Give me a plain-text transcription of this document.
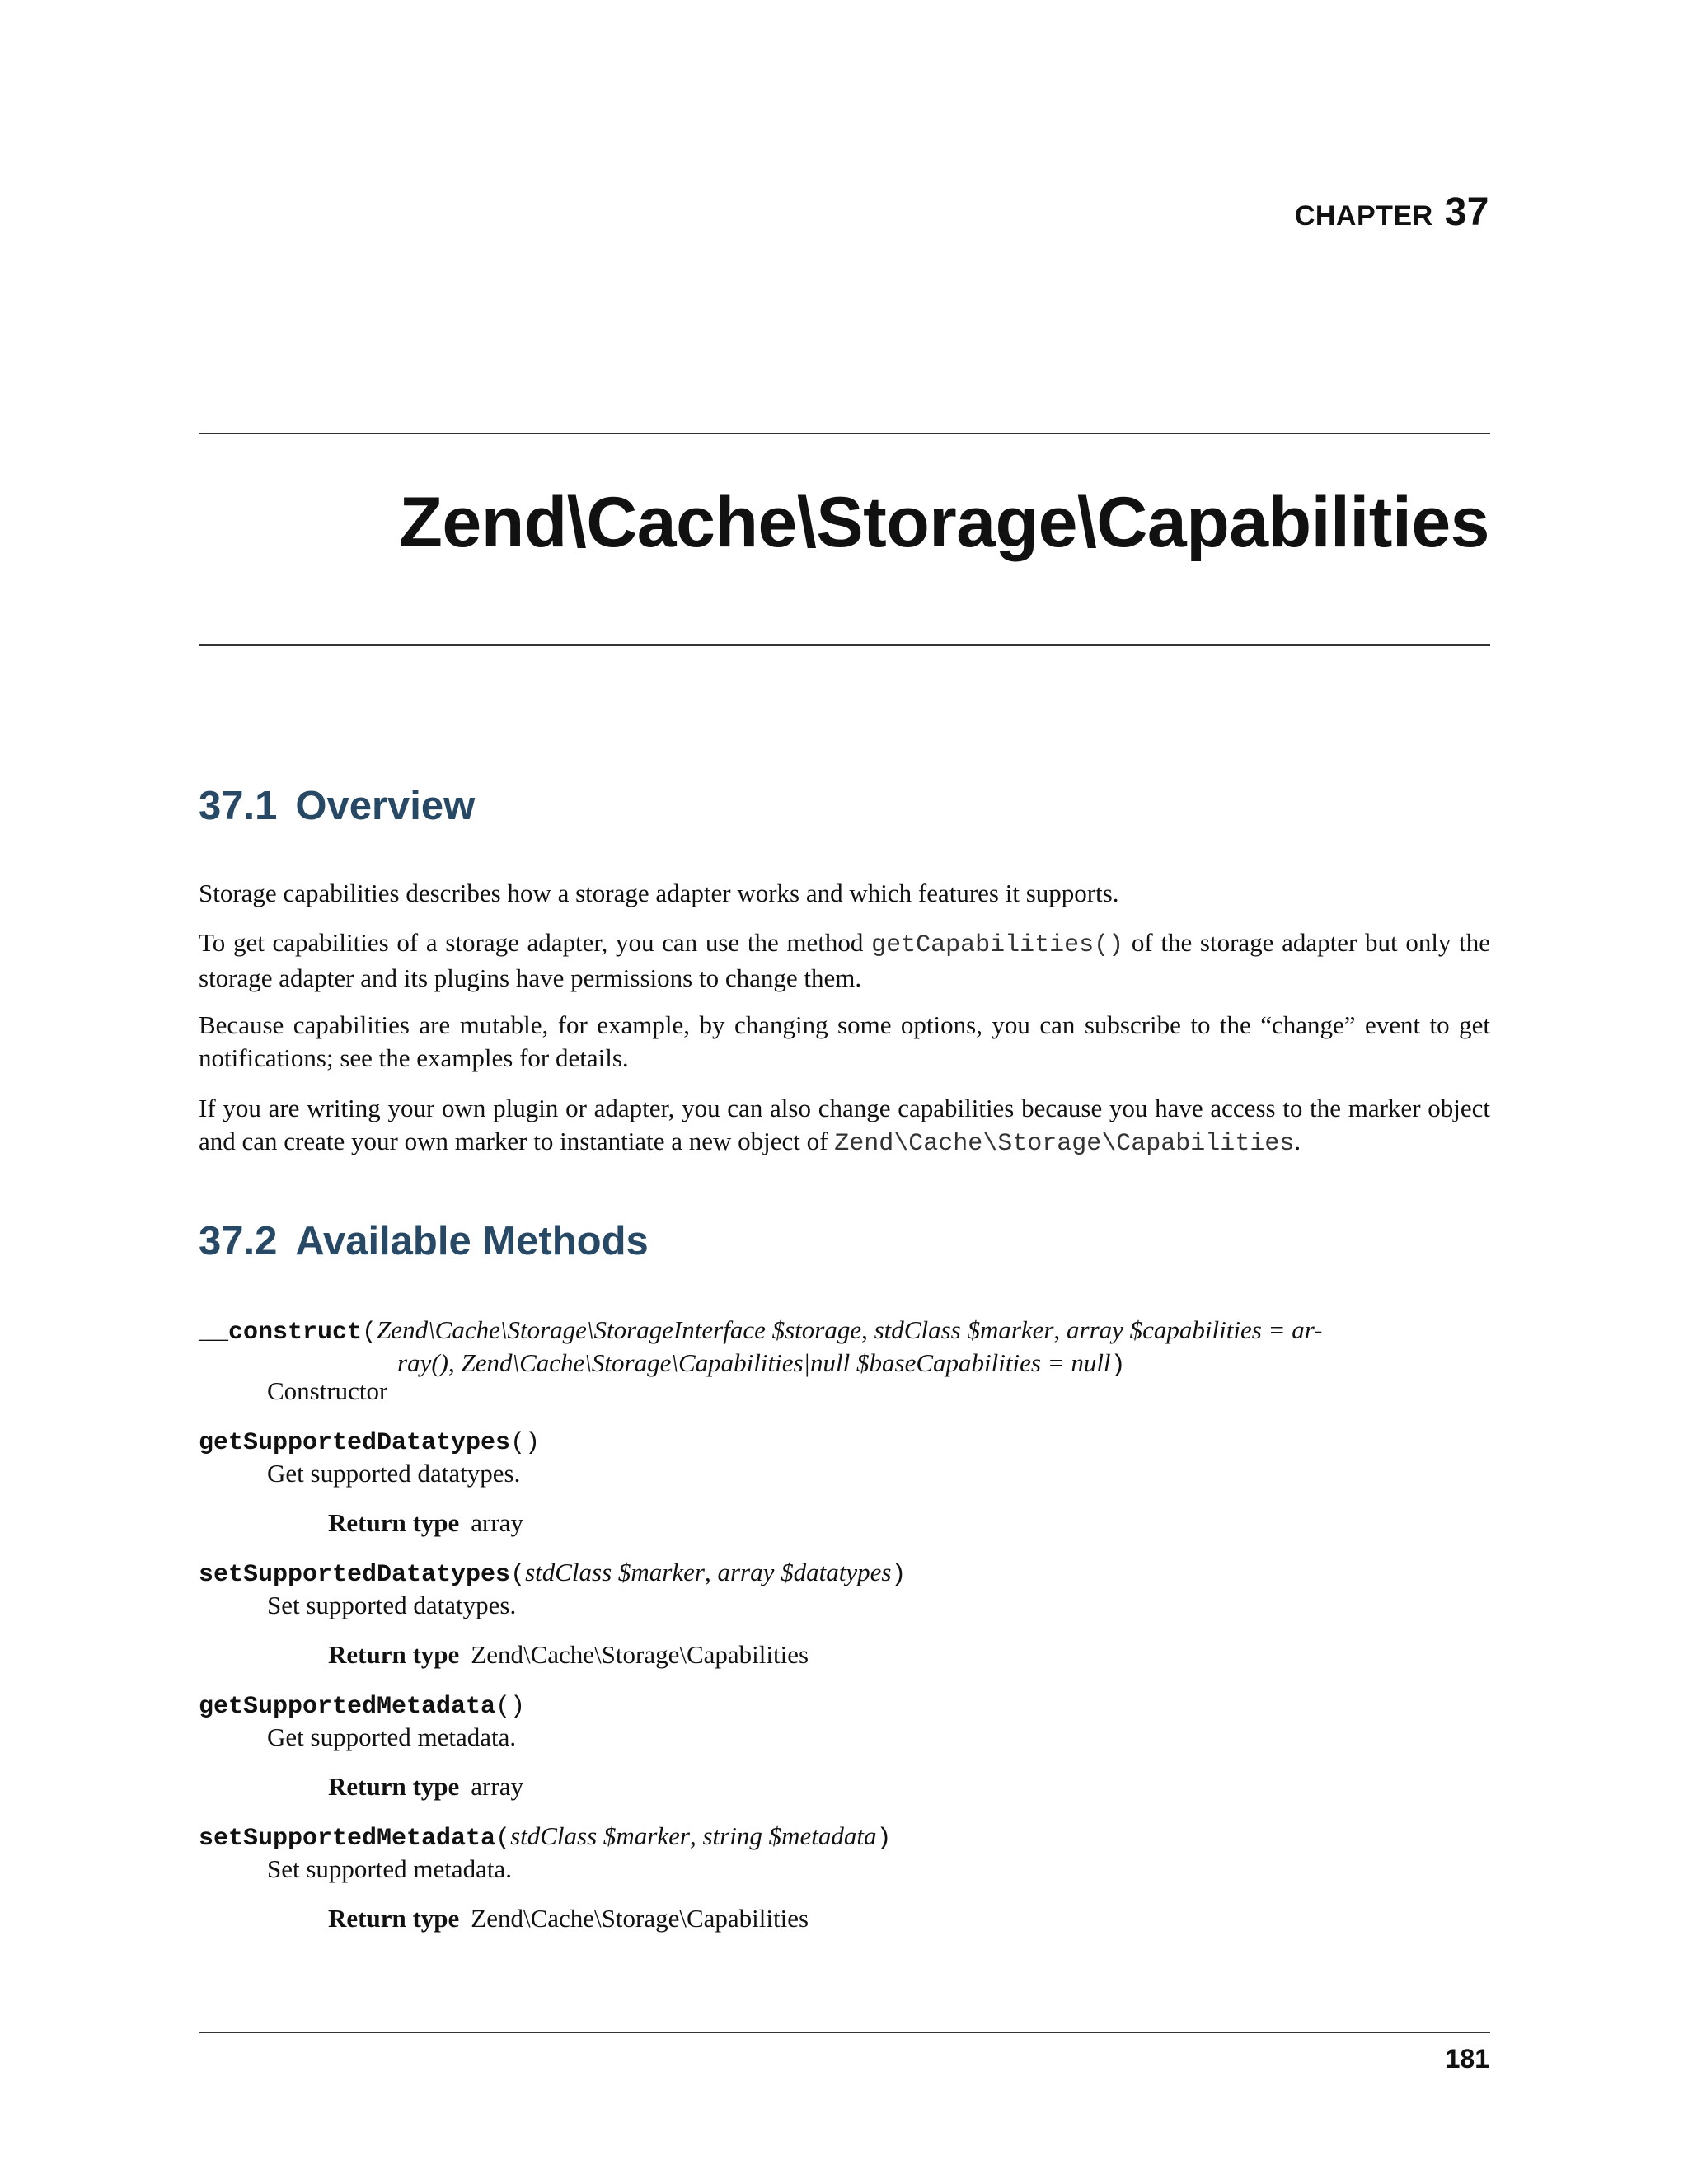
CHAPTER 37
Zend\Cache\Storage\Capabilities
37.1 Overview
Storage capabilities describes how a storage adapter works and which features it supports.
To get capabilities of a storage adapter, you can use the method getCapabilities() of the storage adapter but only the storage adapter and its plugins have permissions to change them.
Because capabilities are mutable, for example, by changing some options, you can subscribe to the “change” event to get notifications; see the examples for details.
If you are writing your own plugin or adapter, you can also change capabilities because you have access to the marker object and can create your own marker to instantiate a new object of Zend\Cache\Storage\Capabilities.
37.2 Available Methods
__construct(Zend\Cache\Storage\StorageInterface $storage, stdClass $marker, array $capabilities = ar-
ray(), Zend\Cache\Storage\Capabilities|null $baseCapabilities = null)
Constructor
getSupportedDatatypes()
Get supported datatypes.
Return type array
setSupportedDatatypes(stdClass $marker, array $datatypes)
Set supported datatypes.
Return type Zend\Cache\Storage\Capabilities
getSupportedMetadata()
Get supported metadata.
Return type array
setSupportedMetadata(stdClass $marker, string $metadata)
Set supported metadata.
Return type Zend\Cache\Storage\Capabilities
181
